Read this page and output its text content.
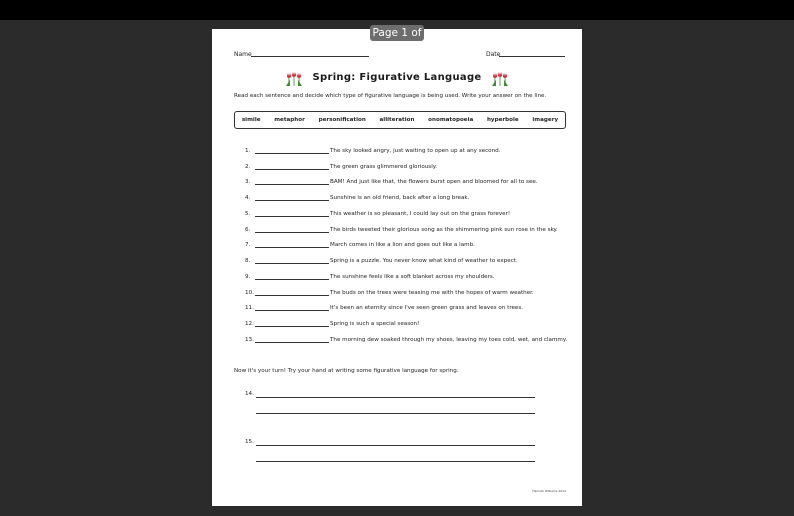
Name	Date
Spring: Figurative Language
Read each sentence and decide which type of figurative language is being used. Write your answer on the line.
simile metaphor personification alliteration onomatopoeia hyperbole imagery
1.	The sky looked angry, just waiting to open up at any second.
2.	The green grass glimmered gloriously.
3.	BAM! And just like that, the flowers burst open and bloomed for all to see.
4.	Sunshine is an old friend, back after a long break.
5.	This weather is so pleasant, I could lay out on the grass forever!
6.	The birds tweeted their glorious song as the shimmering pink sun rose in the sky.
7.	March comes in like a lion and goes out like a lamb.
8.	Spring is a puzzle. You never know what kind of weather to expect.
9.	The sunshine feels like a soft blanket across my shoulders.
10.	The buds on the trees were teasing me with the hopes of warm weather.
11.	It's been an eternity since I've seen green grass and leaves on trees.
12.	Spring is such a special season!
13.	The morning dew soaked through my shoes, leaving my toes cold, wet, and clammy.
Now it's your turn! Try your hand at writing some figurative language for spring.
14.
15.
Hannah Williams 2014
Page 1 of 2
